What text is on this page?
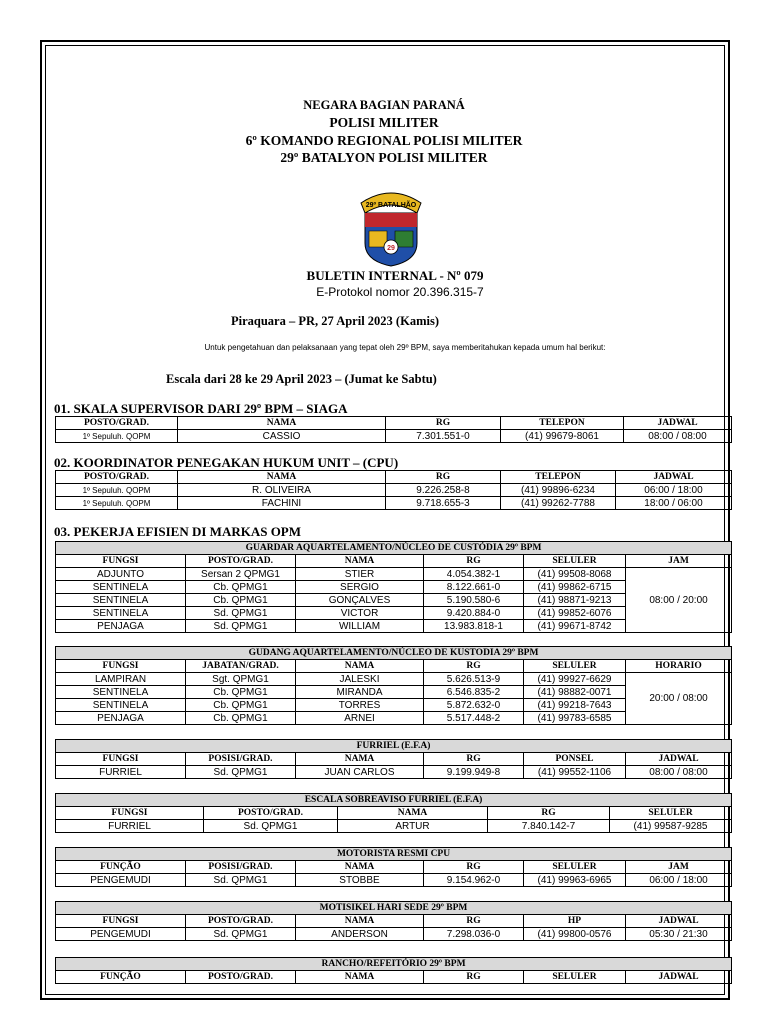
NEGARA BAGIAN PARANÁ
POLISI MILITER
6º KOMANDO REGIONAL POLISI MILITER
29º BATALYON POLISI MILITER
29º BATALHÃO
29
BULETIN INTERNAL - Nº 079
E-Protokol nomor 20.396.315-7
Piraquara – PR, 27 April 2023 (Kamis)
Untuk pengetahuan dan pelaksanaan yang tepat oleh 29º BPM, saya memberitahukan kepada umum hal berikut:
Escala dari 28 ke 29 April 2023 – (Jumat ke Sabtu)
01. SKALA SUPERVISOR DARI 29º BPM – SIAGA
POSTO/GRAD.	NAMA	RG	TELEPON	JADWAL
1º Sepuluh. QOPM	CASSIO	7.301.551-0	(41) 99679-8061	08:00 / 08:00
02. KOORDINATOR PENEGAKAN HUKUM UNIT – (CPU)
POSTO/GRAD.	NAMA	RG	TELEPON	JADWAL
1º Sepuluh. QOPM	R. OLIVEIRA	9.226.258-8	(41) 99896-6234	06:00 / 18:00
1º Sepuluh. QOPM	FACHINI	9.718.655-3	(41) 99262-7788	18:00 / 06:00
03. PEKERJA EFISIEN DI MARKAS OPM
GUARDAR AQUARTELAMENTO/NÚCLEO DE CUSTÓDIA 29º BPM					
FUNGSI	POSTO/GRAD.	NAMA	RG	SELULER	JAM
ADJUNTO	Sersan 2 QPMG1	STIER	4.054.382-1	(41) 99508-8068	08:00 / 20:00
SENTINELA	Cb. QPMG1	SERGIO	8.122.661-0	(41) 99862-6715	
SENTINELA	Cb. QPMG1	GONÇALVES	5.190.580-6	(41) 98871-9213	
SENTINELA	Sd. QPMG1	VICTOR	9.420.884-0	(41) 99852-6076	
PENJAGA	Sd. QPMG1	WILLIAM	13.983.818-1	(41) 99671-8742	
GUDANG AQUARTELAMENTO/NÚCLEO DE KUSTODIA 29º BPM					
FUNGSI	JABATAN/GRAD.	NAMA	RG	SELULER	HORARIO
LAMPIRAN	Sgt. QPMG1	JALESKI	5.626.513-9	(41) 99927-6629	20:00 / 08:00
SENTINELA	Cb. QPMG1	MIRANDA	6.546.835-2	(41) 98882-0071	
SENTINELA	Cb. QPMG1	TORRES	5.872.632-0	(41) 99218-7643	
PENJAGA	Cb. QPMG1	ARNEI	5.517.448-2	(41) 99783-6585	
FURRIEL (E.F.A)					
FUNGSI	POSISI/GRAD.	NAMA	RG	PONSEL	JADWAL
FURRIEL	Sd. QPMG1	JUAN CARLOS	9.199.949-8	(41) 99552-1106	08:00 / 08:00
ESCALA SOBREAVISO FURRIEL (E.F.A)				
FUNGSI	POSTO/GRAD.	NAMA	RG	SELULER
FURRIEL	Sd. QPMG1	ARTUR	7.840.142-7	(41) 99587-9285
MOTORISTA RESMI CPU					
FUNÇÃO	POSISI/GRAD.	NAMA	RG	SELULER	JAM
PENGEMUDI	Sd. QPMG1	STOBBE	9.154.962-0	(41) 99963-6965	06:00 / 18:00
MOTISIKEL HARI SEDE 29º BPM					
FUNGSI	POSTO/GRAD.	NAMA	RG	HP	JADWAL
PENGEMUDI	Sd. QPMG1	ANDERSON	7.298.036-0	(41) 99800-0576	05:30 / 21:30
RANCHO/REFEITÓRIO 29º BPM
FUNÇÃO	POSTO/GRAD.	NAMA	RG	SELULER	JADWAL
